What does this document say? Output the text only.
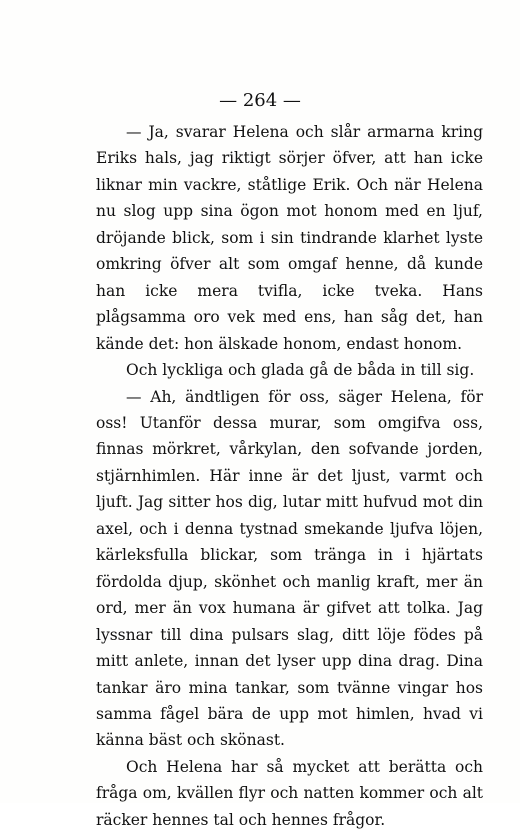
— 264 —

— Ja, svarar Helena och slår armarna kring Eriks hals, jag riktigt sörjer öfver, att han icke liknar min vackre, ståtlige Erik. Och när Helena nu slog upp sina ögon mot honom med en ljuf, dröjande blick, som i sin tindrande klarhet lyste omkring öfver alt som omgaf henne, då kunde han icke mera tvifla, icke tveka. Hans plågsamma oro vek med ens, han såg det, han kände det: hon älskade honom, endast honom.

Och lyckliga och glada gå de båda in till sig.

— Ah, ändtligen för oss, säger Helena, för oss! Utanför dessa murar, som omgifva oss, finnas mörkret, vårkylan, den sofvande jorden, stjärnhimlen. Här inne är det ljust, varmt och ljuft. Jag sitter hos dig, lutar mitt hufvud mot din axel, och i denna tystnad smekande ljufva löjen, kärleksfulla blickar, som tränga in i hjärtats fördolda djup, skönhet och manlig kraft, mer än ord, mer än vox humana är gifvet att tolka. Jag lyssnar till dina pulsars slag, ditt löje födes på mitt anlete, innan det lyser upp dina drag. Dina tankar äro mina tankar, som tvänne vingar hos samma fågel bära de upp mot himlen, hvad vi känna bäst och skönast.

Och Helena har så mycket att berätta och fråga om, kvällen flyr och natten kommer och alt räcker hennes tal och hennes frågor.
